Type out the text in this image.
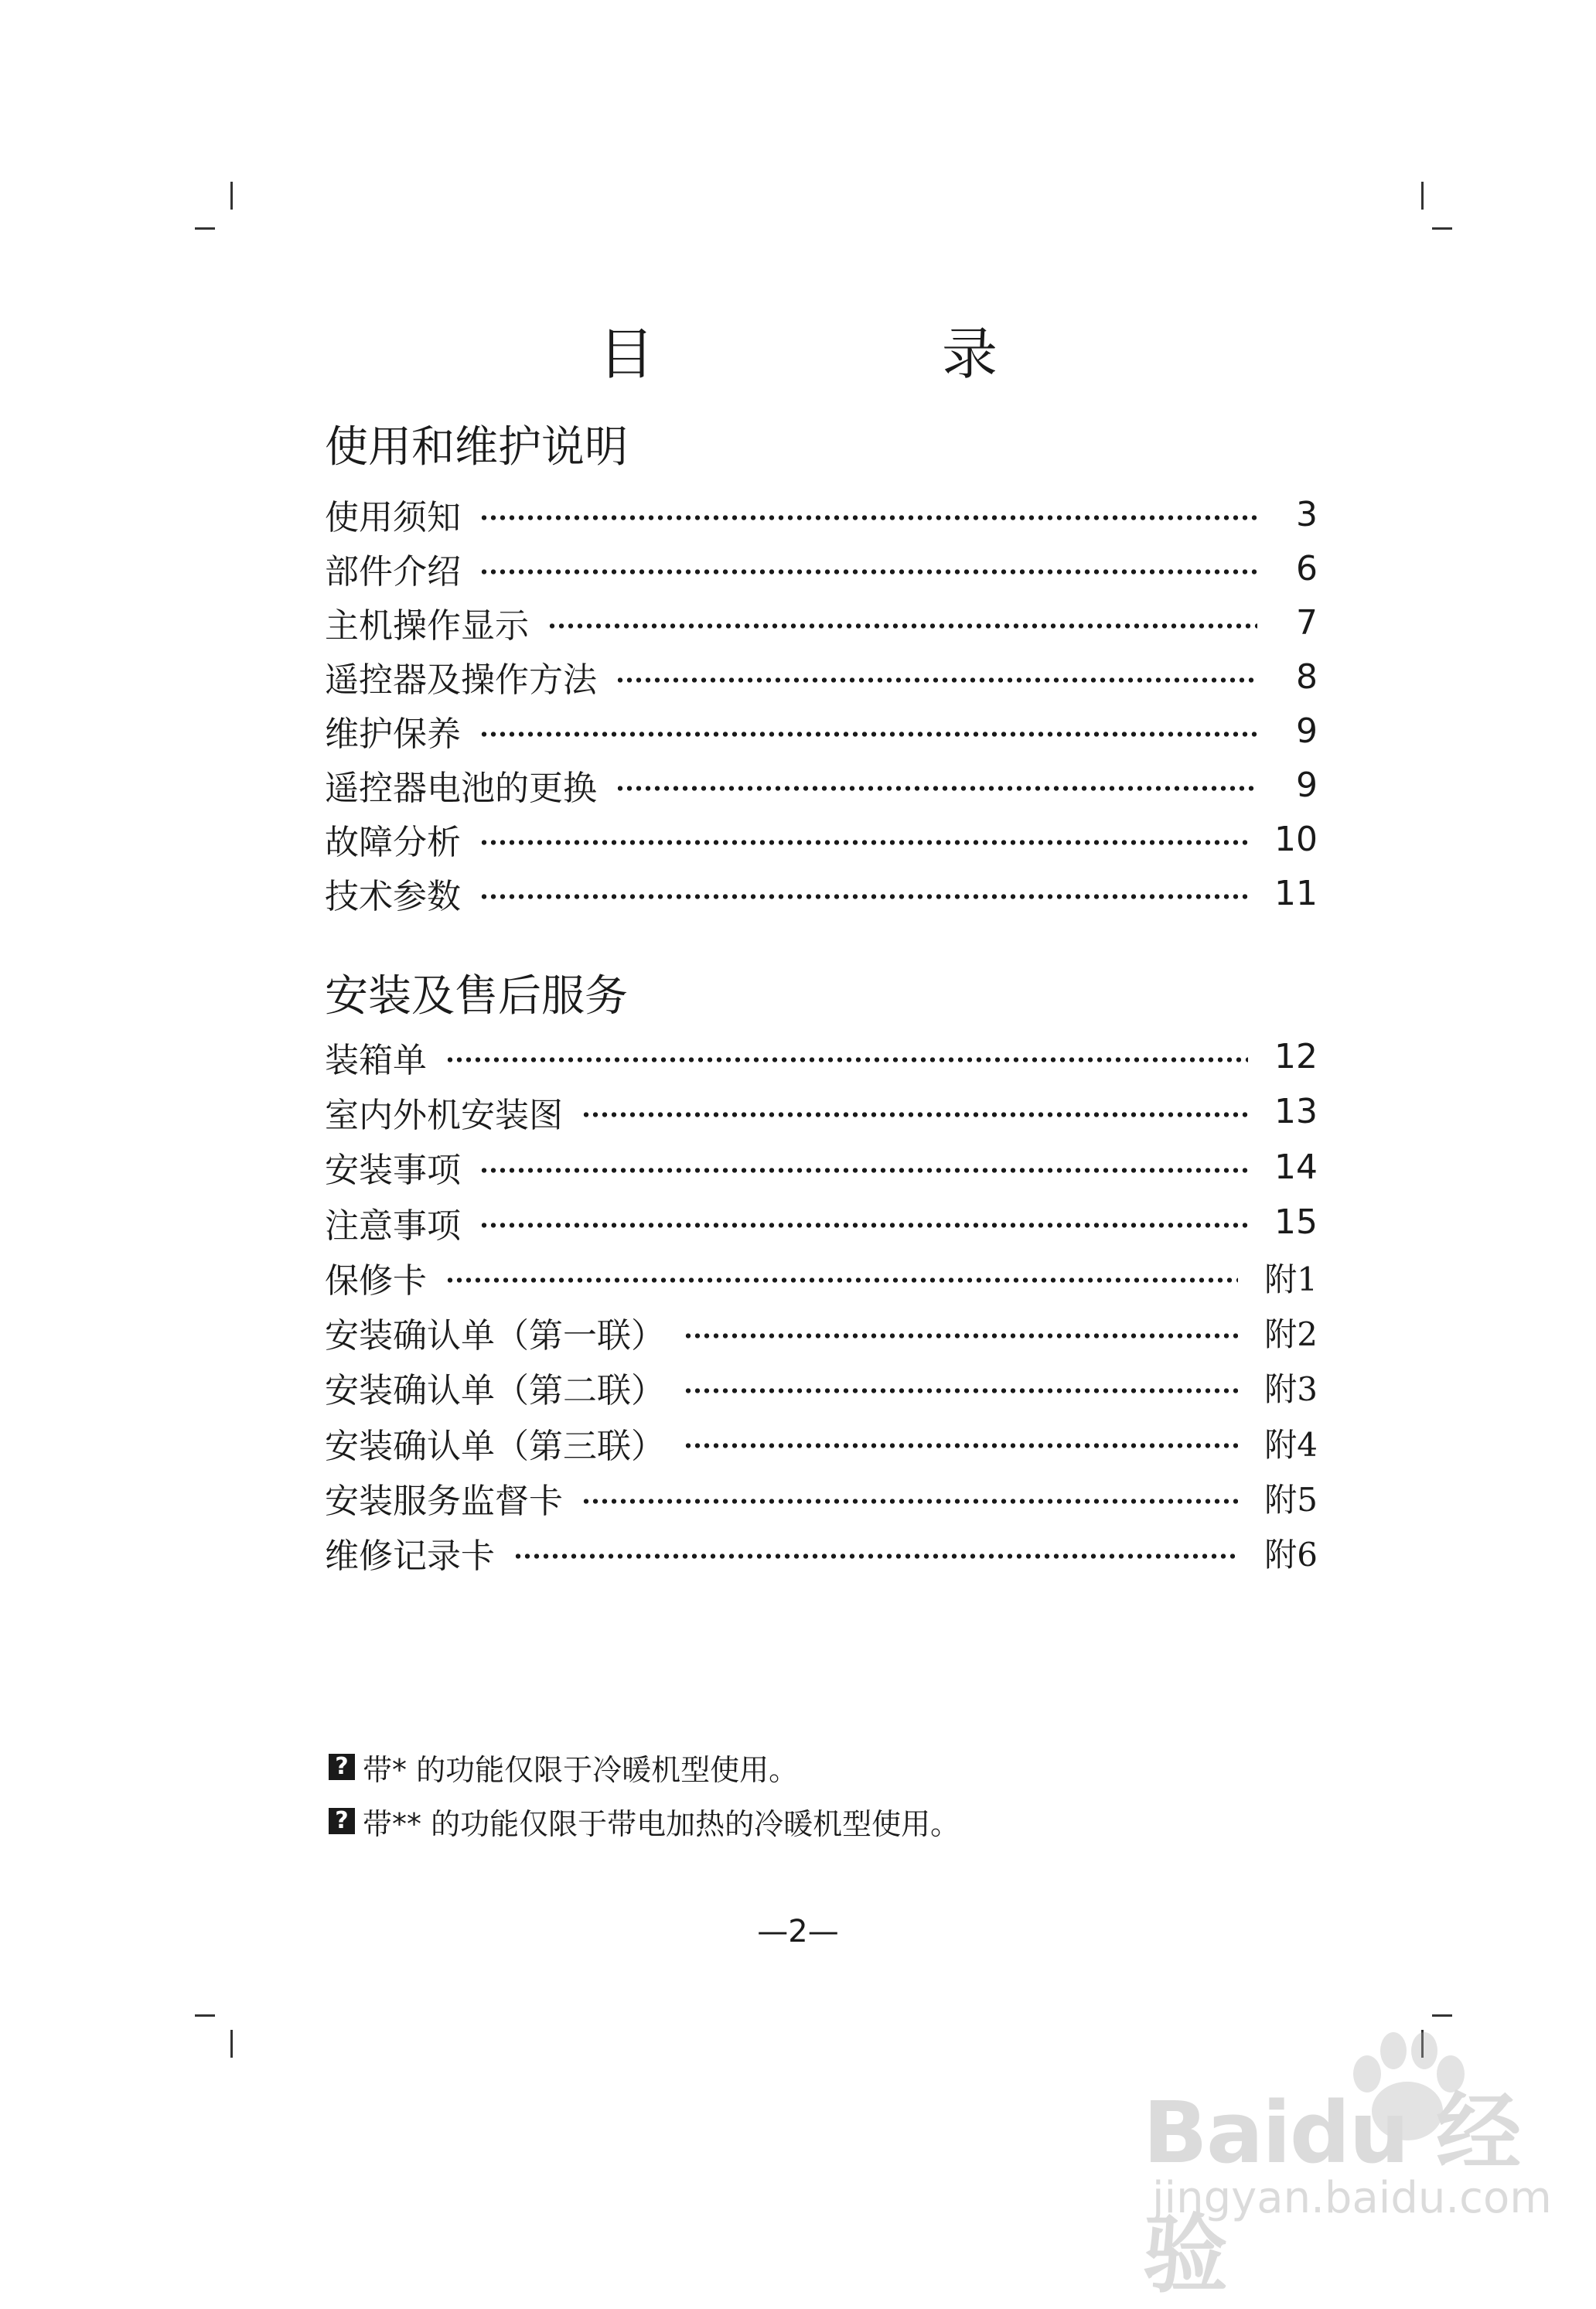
目　录
使用和维护说明
使用须知	3
部件介绍	6
主机操作显示	7
遥控器及操作方法	8
维护保养	9
遥控器电池的更换	9
故障分析	10
技术参数	11
安装及售后服务
装箱单	12
室内外机安装图	13
安装事项	14
注意事项	15
保修卡	附1
安装确认单（第一联）	附2
安装确认单（第二联）	附3
安装确认单（第三联）	附4
安装服务监督卡	附5
维修记录卡	附6
? 带* 的功能仅限于冷暖机型使用。
? 带** 的功能仅限于带电加热的冷暖机型使用。
—2—
Baidu 经验
jingyan.baidu.com
